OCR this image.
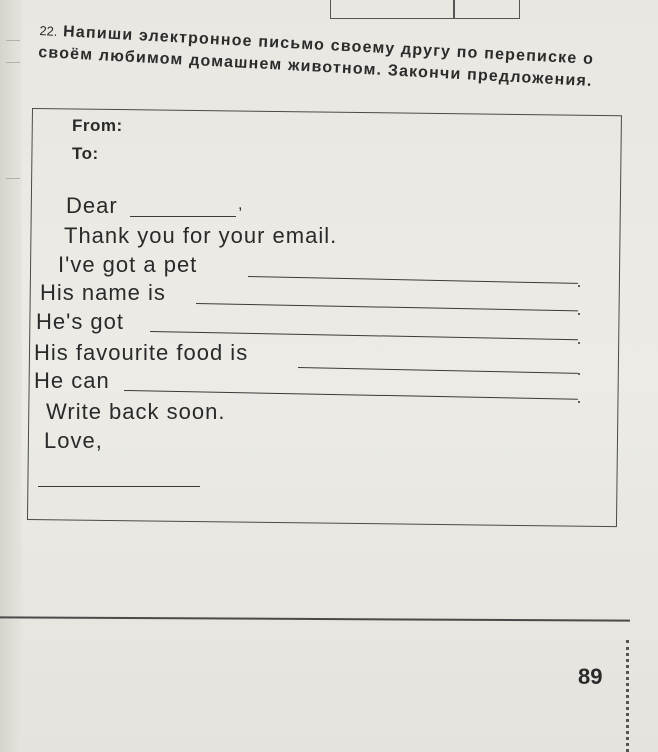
22. Напиши электронное письмо своему другу по переписке о своём любимом домашнем животном. Закончи предложения.
From:
To:
Dear	,
Thank you for your email.
I've got a pet
His name is
He's got
His favourite food is
He can
Write back soon.
Love,
89
